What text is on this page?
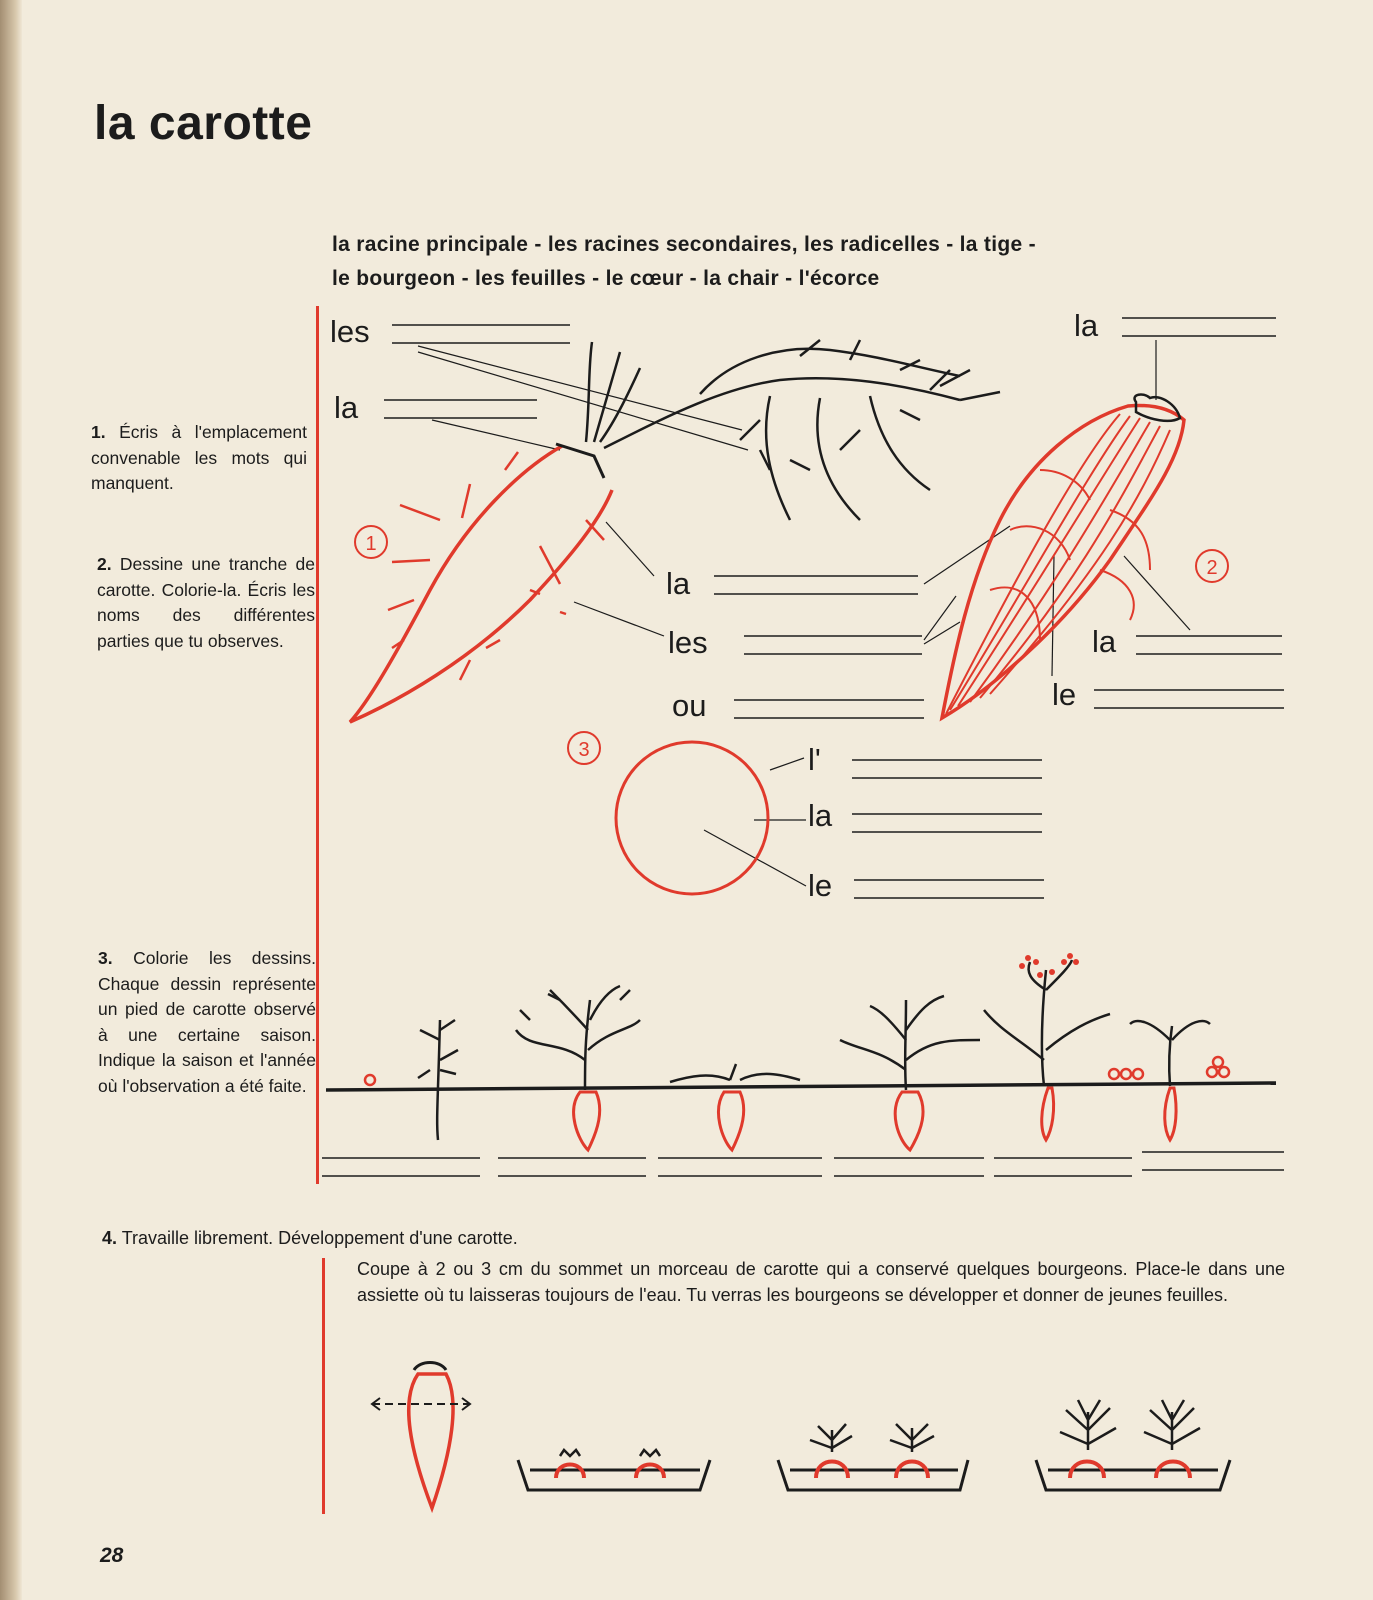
la carotte

la racine principale - les racines secondaires, les radicelles - la tige -
le bourgeon - les feuilles - le cœur - la chair - l'écorce

1. Écris à l'emplacement convenable les mots qui manquent.

2. Dessine une tranche de carotte. Colorie-la. Écris les noms des différentes parties que tu observes.

3. Colorie les dessins. Chaque dessin représente un pied de carotte observé à une certaine saison. Indique la saison et l'année où l'observation a été faite.

4. Travaille librement. Développement d'une carotte.

Coupe à 2 ou 3 cm du sommet un morceau de carotte qui a conservé quelques bourgeons. Place-le dans une assiette où tu laisseras toujours de l'eau. Tu verras les bourgeons se développer et donner de jeunes feuilles.

les
la
la
la
les
ou
la
le
l'
la
le
1
2
3
28
